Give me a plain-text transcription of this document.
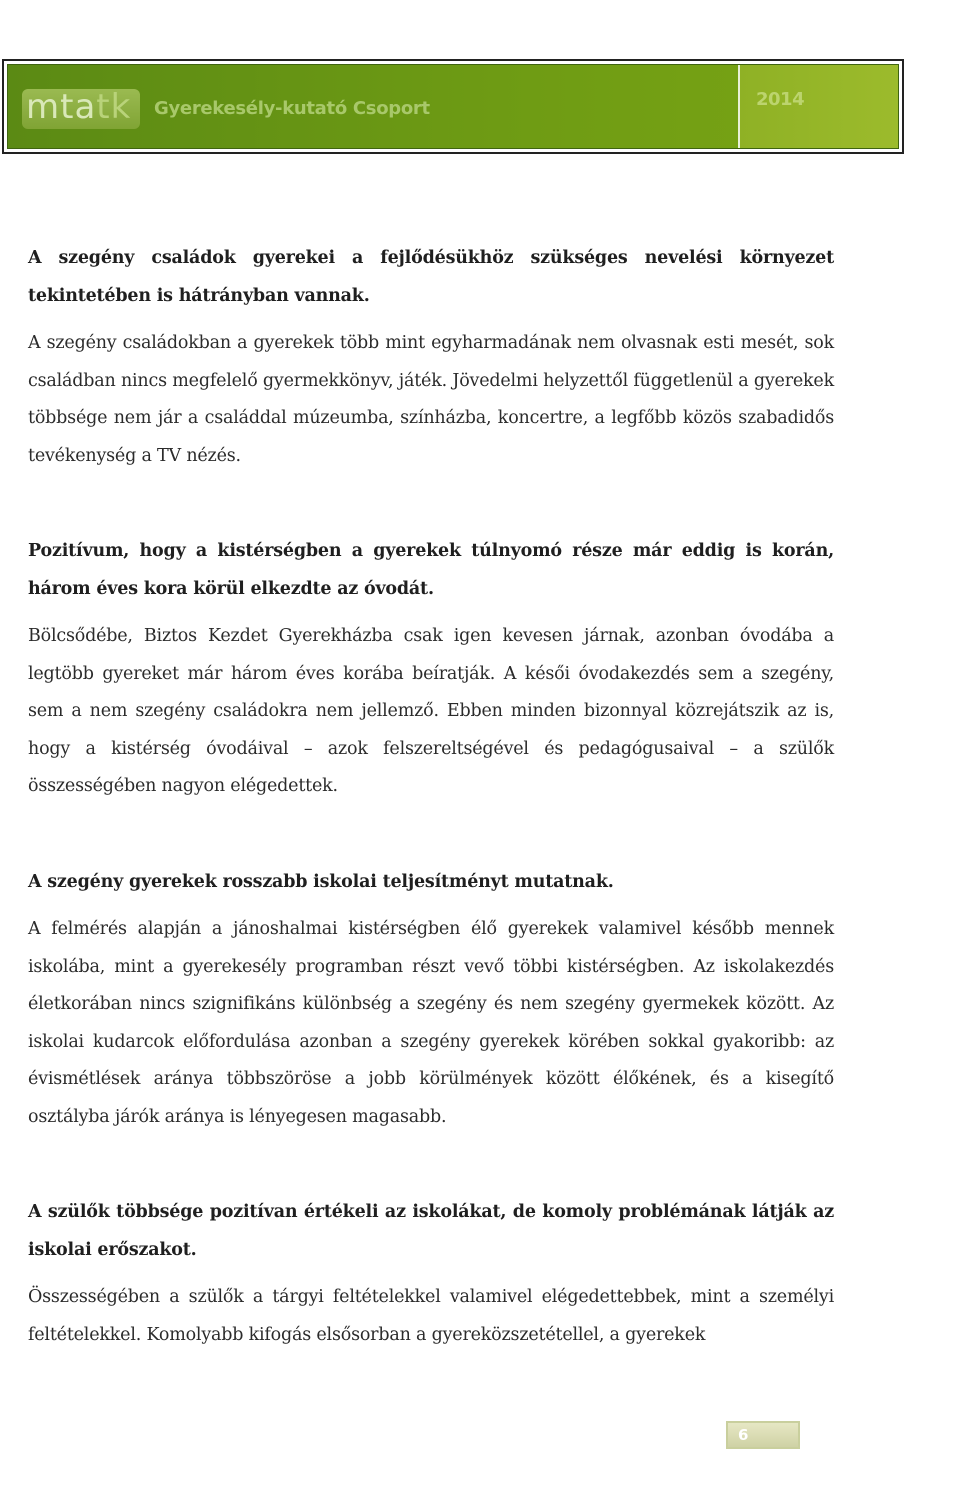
mtatk Gyerekesély-kutató Csoport	2014

A szegény családok gyerekei a fejlődésükhöz szükséges nevelési környezet tekintetében is hátrányban vannak.

A szegény családokban a gyerekek több mint egyharmadának nem olvasnak esti mesét, sok családban nincs megfelelő gyermekkönyv, játék. Jövedelmi helyzettől függetlenül a gyerekek többsége nem jár a családdal múzeumba, színházba, koncertre, a legfőbb közös szabadidős tevékenység a TV nézés.

Pozitívum, hogy a kistérségben a gyerekek túlnyomó része már eddig is korán, három éves kora körül elkezdte az óvodát.

Bölcsődébe, Biztos Kezdet Gyerekházba csak igen kevesen járnak, azonban óvodába a legtöbb gyereket már három éves korába beíratják. A késői óvodakezdés sem a szegény, sem a nem szegény családokra nem jellemző. Ebben minden bizonnyal közrejátszik az is, hogy a kistérség óvodáival – azok felszereltségével és pedagógusaival – a szülők összességében nagyon elégedettek.

A szegény gyerekek rosszabb iskolai teljesítményt mutatnak.

A felmérés alapján a jánoshalmai kistérségben élő gyerekek valamivel később mennek iskolába, mint a gyerekesély programban részt vevő többi kistérségben. Az iskolakezdés életkorában nincs szignifikáns különbség a szegény és nem szegény gyermekek között. Az iskolai kudarcok előfordulása azonban a szegény gyerekek körében sokkal gyakoribb: az évismétlések aránya többszöröse a jobb körülmények között élőkének, és a kisegítő osztályba járók aránya is lényegesen magasabb.

A szülők többsége pozitívan értékeli az iskolákat, de komoly problémának látják az iskolai erőszakot.

Összességében a szülők a tárgyi feltételekkel valamivel elégedettebbek, mint a személyi feltételekkel. Komolyabb kifogás elsősorban a gyereközszetétellel, a gyerekek

6
